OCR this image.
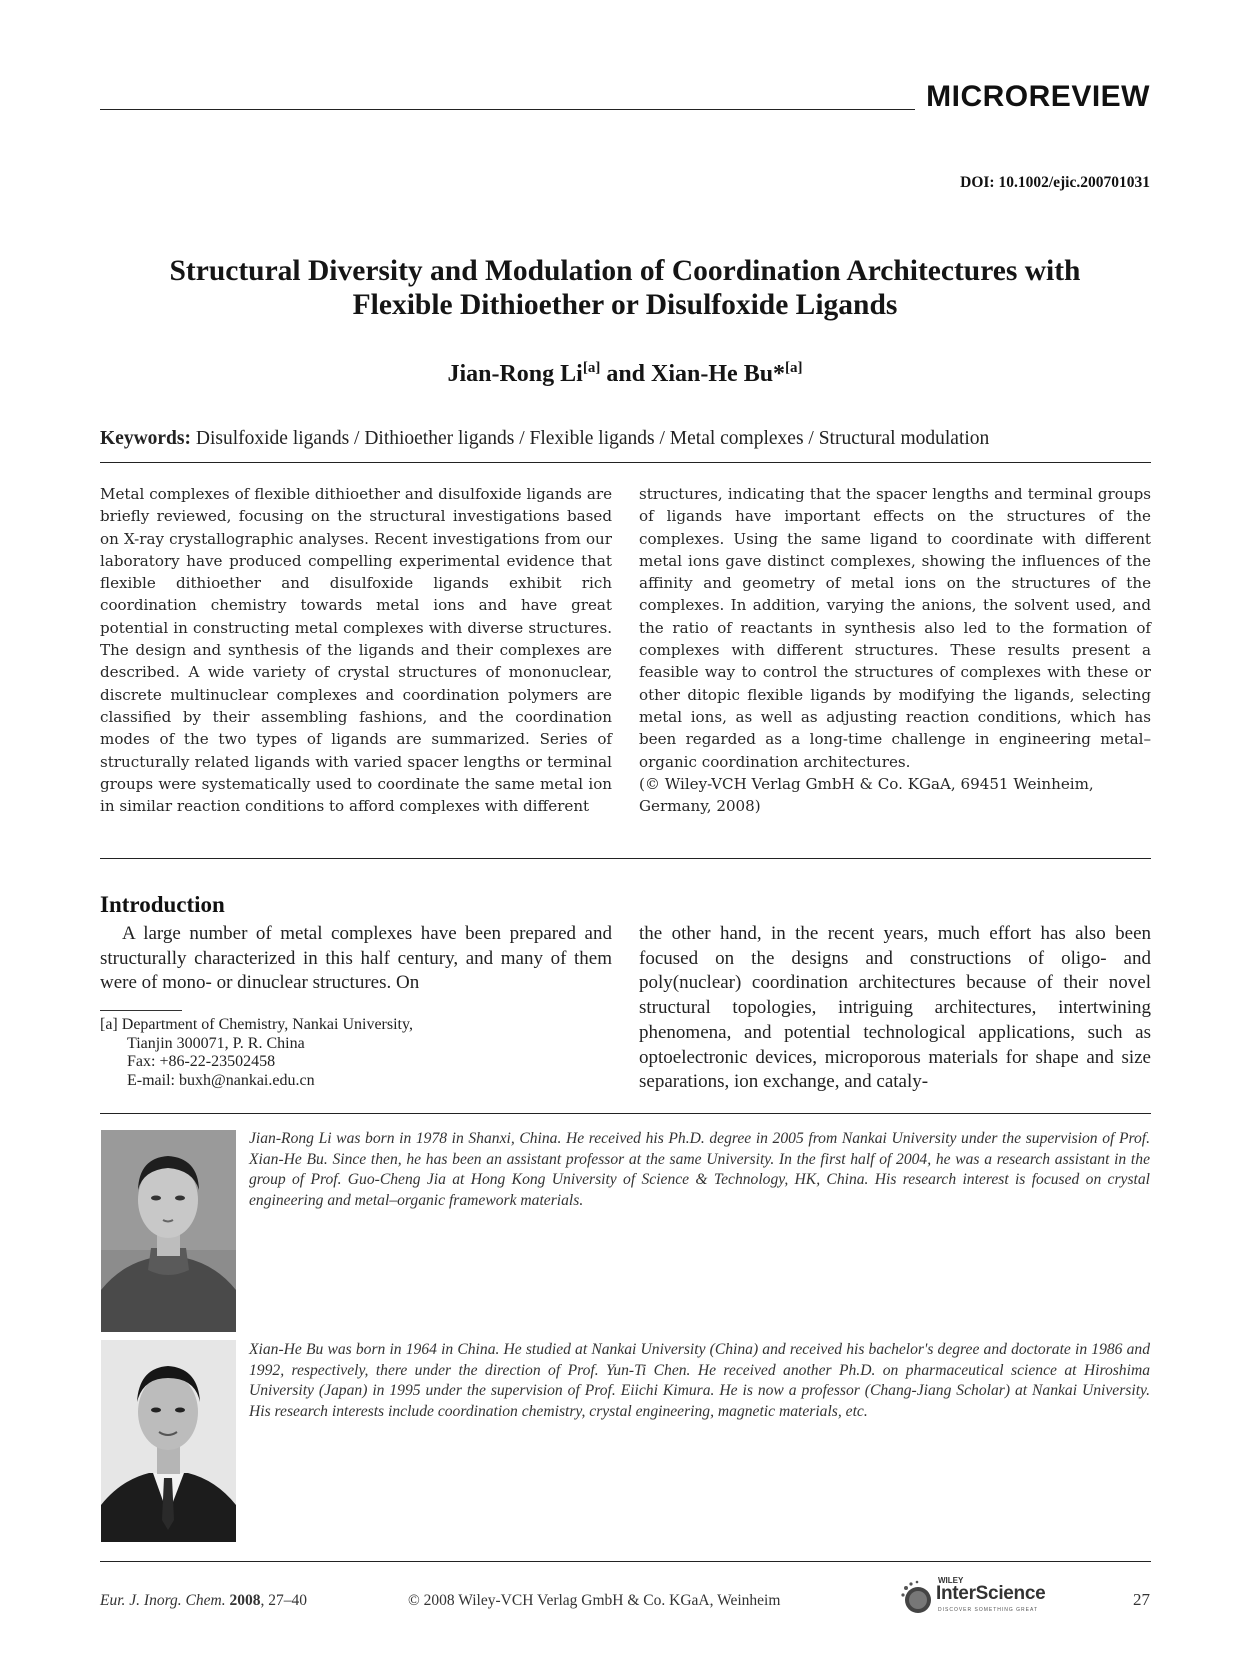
MICROREVIEW
DOI: 10.1002/ejic.200701031
Structural Diversity and Modulation of Coordination Architectures with
Flexible Dithioether or Disulfoxide Ligands
Jian-Rong Li[a] and Xian-He Bu*[a]
Keywords: Disulfoxide ligands / Dithioether ligands / Flexible ligands / Metal complexes / Structural modulation

Metal complexes of flexible dithioether and disulfoxide ligands are briefly reviewed, focusing on the structural investigations based on X-ray crystallographic analyses. Recent investigations from our laboratory have produced compelling experimental evidence that flexible dithioether and disulfoxide ligands exhibit rich coordination chemistry towards metal ions and have great potential in constructing metal complexes with diverse structures. The design and synthesis of the ligands and their complexes are described. A wide variety of crystal structures of mononuclear, discrete multinuclear complexes and coordination polymers are classified by their assembling fashions, and the coordination modes of the two types of ligands are summarized. Series of structurally related ligands with varied spacer lengths or terminal groups were systematically used to coordinate the same metal ion in similar reaction conditions to afford complexes with different

structures, indicating that the spacer lengths and terminal groups of ligands have important effects on the structures of the complexes. Using the same ligand to coordinate with different metal ions gave distinct complexes, showing the influences of the affinity and geometry of metal ions on the structures of the complexes. In addition, varying the anions, the solvent used, and the ratio of reactants in synthesis also led to the formation of complexes with different structures. These results present a feasible way to control the structures of complexes with these or other ditopic flexible ligands by modifying the ligands, selecting metal ions, as well as adjusting reaction conditions, which has been regarded as a long-time challenge in engineering metal–organic coordination architectures.

(© Wiley-VCH Verlag GmbH & Co. KGaA, 69451 Weinheim, Germany, 2008)

Introduction

A large number of metal complexes have been prepared and structurally characterized in this half century, and many of them were of mono- or dinuclear structures. On

the other hand, in the recent years, much effort has also been focused on the designs and constructions of oligo- and poly(nuclear) coordination architectures because of their novel structural topologies, intriguing architectures, intertwining phenomena, and potential technological applications, such as optoelectronic devices, microporous materials for shape and size separations, ion exchange, and cataly-

[a] Department of Chemistry, Nankai University,
Tianjin 300071, P. R. China
Fax: +86-22-23502458
E-mail: buxh@nankai.edu.cn

Jian-Rong Li was born in 1978 in Shanxi, China. He received his Ph.D. degree in 2005 from Nankai University under the supervision of Prof. Xian-He Bu. Since then, he has been an assistant professor at the same University. In the first half of 2004, he was a research assistant in the group of Prof. Guo-Cheng Jia at Hong Kong University of Science & Technology, HK, China. His research interest is focused on crystal engineering and metal–organic framework materials.

Xian-He Bu was born in 1964 in China. He studied at Nankai University (China) and received his bachelor's degree and doctorate in 1986 and 1992, respectively, there under the direction of Prof. Yun-Ti Chen. He received another Ph.D. on pharmaceutical science at Hiroshima University (Japan) in 1995 under the supervision of Prof. Eiichi Kimura. He is now a professor (Chang-Jiang Scholar) at Nankai University. His research interests include coordination chemistry, crystal engineering, magnetic materials, etc.

Eur. J. Inorg. Chem. 2008, 27–40	© 2008 Wiley-VCH Verlag GmbH & Co. KGaA, Weinheim
WILEY
InterScience
DISCOVER SOMETHING GREAT
27
